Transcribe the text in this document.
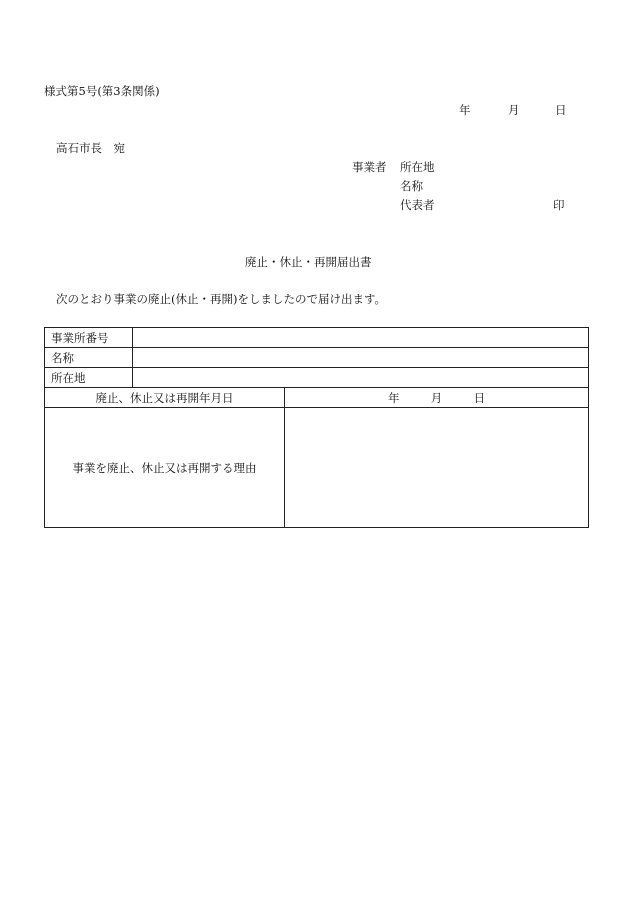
様式第5号(第3条関係)
年	月	日
高石市長　宛
事業者 所在地
名称
代表者	印
廃止・休止・再開届出書
次のとおり事業の廃止(休止・再開)をしましたので届け出ます。
事業所番号		
名称		
所在地		
廃止、休止又は再開年月日		年 月 日
事業を廃止、休止又は再開する理由		
